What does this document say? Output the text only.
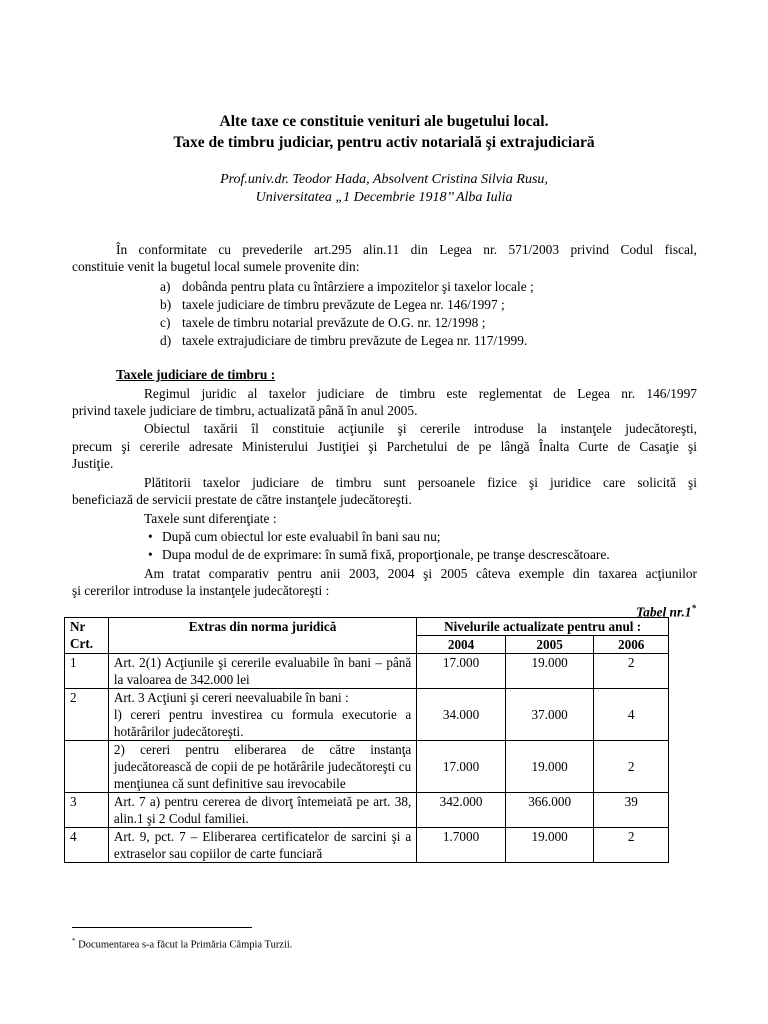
Alte taxe ce constituie venituri ale bugetului local.
Taxe de timbru judiciar, pentru activ notarială şi extrajudiciară
Prof.univ.dr. Teodor Hada, Absolvent Cristina Silvia Rusu,
Universitatea „1 Decembrie 1918’’ Alba Iulia
În conformitate cu prevederile art.295 alin.11 din Legea nr. 571/2003 privind Codul fiscal,
constituie venit la bugetul local sumele provenite din:
a) dobânda pentru plata cu întârziere a impozitelor şi taxelor locale ;
b) taxele judiciare de timbru prevăzute de Legea nr. 146/1997 ;
c) taxele de timbru notarial prevăzute de O.G. nr. 12/1998 ;
d) taxele extrajudiciare de timbru prevăzute de Legea nr. 117/1999.
Taxele judiciare de timbru :
Regimul juridic al taxelor judiciare de timbru este reglementat de Legea nr. 146/1997
privind taxele judiciare de timbru, actualizată până în anul 2005.
Obiectul taxării îl constituie acţiunile şi cererile introduse la instanţele judecătoreşti,
precum şi cererile adresate Ministerului Justiţiei şi Parchetului de pe lângă Înalta Curte de Casaţie şi
Justiţie.
Plătitorii taxelor judiciare de timbru sunt persoanele fizice şi juridice care solicită şi
beneficiază de servicii prestate de către instanţele judecătoreşti.
Taxele sunt diferenţiate :
• După cum obiectul lor este evaluabil în bani sau nu;
• Dupa modul de de exprimare: în sumă fixă, proporţionale, pe tranşe descrescătoare.
Am tratat comparativ pentru anii 2003, 2004 şi 2005 câteva exemple din taxarea acţiunilor
şi cererilor introduse la instanţele judecătoreşti :
Tabel nr.1*
Nr
Crt.	Extras din norma juridică	Nivelurile actualizate pentru anul :		
		2004	2005	2006
1	Art. 2(1) Acţiunile şi cererile evaluabile în bani – până la valoarea de 342.000 lei	17.000	19.000	2
2	Art. 3 Acţiuni şi cereri neevaluabile în bani :
l) cereri pentru investirea cu formula executorie a hotărârilor judecătoreşti.	34.000	37.000	4
	2) cereri pentru eliberarea de către instanţa judecătorească de copii de pe hotărârile judecătoreşti cu menţiunea că sunt definitive sau irevocabile	17.000	19.000	2
3	Art. 7 a) pentru cererea de divorţ întemeiată pe art. 38, alin.1 şi 2 Codul familiei.	342.000	366.000	39
4	Art. 9, pct. 7 – Eliberarea certificatelor de sarcini şi a extraselor sau copiilor de carte funciară	1.7000	19.000	2
* Documentarea s-a făcut la Primăria Câmpia Turzii.
